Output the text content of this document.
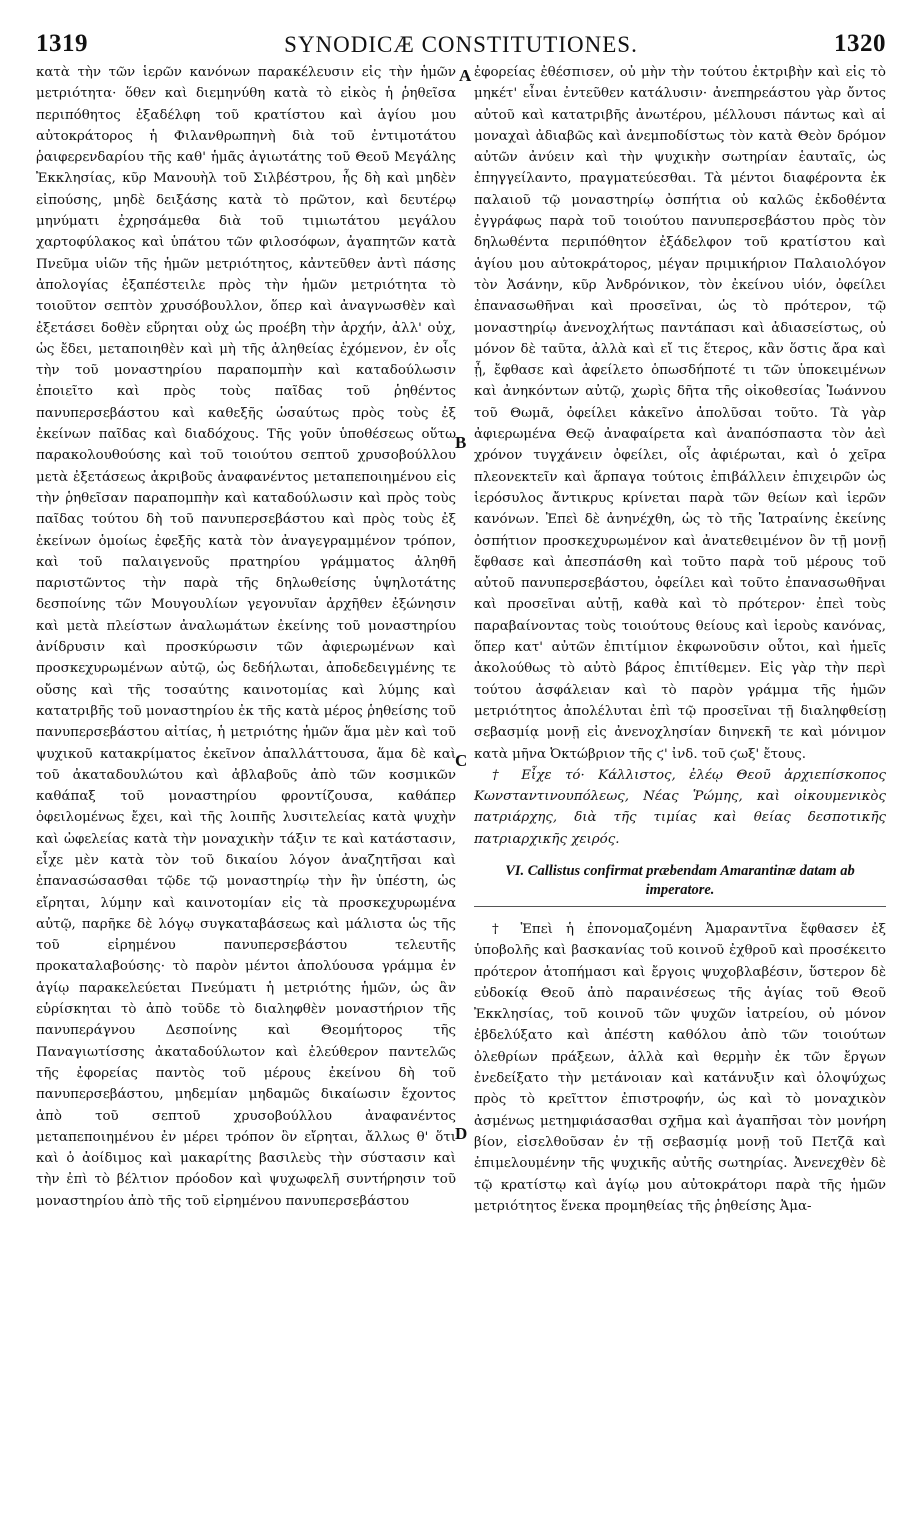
1319	SYNODICÆ CONSTITUTIONES.	1320
A
B
C
D

κατὰ τὴν τῶν ἱερῶν κανόνων παρακέλευσιν εἰς τὴν ἡμῶν μετριότητα· ὅθεν καὶ διεμηνύθη κατὰ τὸ εἰκὸς ἡ ῥηθεῖσα περιπόθητος ἐξαδέλφη τοῦ κρατίστου καὶ ἁγίου μου αὐτοκράτορος ἡ Φιλανθρωπηνὴ διὰ τοῦ ἐντιμοτάτου ῥαιφερενδαρίου τῆς καθ' ἡμᾶς ἁγιωτάτης τοῦ Θεοῦ Μεγάλης Ἐκκλησίας, κῦρ Μανουὴλ τοῦ Σιλβέστρου, ἧς δὴ καὶ μηδὲν εἰπούσης, μηδὲ δειξάσης κατὰ τὸ πρῶτον, καὶ δευτέρῳ μηνύματι ἐχρησάμεθα διὰ τοῦ τιμιωτάτου μεγάλου χαρτοφύλακος καὶ ὑπάτου τῶν φιλοσόφων, ἀγαπητῶν κατὰ Πνεῦμα υἱῶν τῆς ἡμῶν μετριότητος, κἀντεῦθεν ἀντὶ πάσης ἀπολογίας ἐξαπέστειλε πρὸς τὴν ἡμῶν μετριότητα τὸ τοιοῦτον σεπτὸν χρυσόβουλλον, ὅπερ καὶ ἀναγνωσθὲν καὶ ἐξετάσει δοθὲν εὕρηται οὐχ ὡς προέβη τὴν ἀρχήν, ἀλλ' οὐχ, ὡς ἔδει, μεταποιηθὲν καὶ μὴ τῆς ἀληθείας ἐχόμενον, ἐν οἷς τὴν τοῦ μοναστηρίου παραπομπὴν καὶ καταδούλωσιν ἐποιεῖτο καὶ πρὸς τοὺς παῖδας τοῦ ῥηθέντος πανυπερσεβάστου καὶ καθεξῆς ὡσαύτως πρὸς τοὺς ἐξ ἐκείνων παῖδας καὶ διαδόχους. Τῆς γοῦν ὑποθέσεως οὕτω παρακολουθούσης καὶ τοῦ τοιούτου σεπτοῦ χρυσοβούλλου μετὰ ἐξετάσεως ἀκριβοῦς ἀναφανέντος μεταπεποιημένου εἰς τὴν ῥηθεῖσαν παραπομπὴν καὶ καταδούλωσιν καὶ πρὸς τοὺς παῖδας τούτου δὴ τοῦ πανυπερσεβάστου καὶ πρὸς τοὺς ἐξ ἐκείνων ὁμοίως ἐφεξῆς κατὰ τὸν ἀναγεγραμμένον τρόπον, καὶ τοῦ παλαιγενοῦς πρατηρίου γράμματος ἀληθῆ παριστῶντος τὴν παρὰ τῆς δηλωθείσης ὑψηλοτάτης δεσποίνης τῶν Μουγουλίων γεγονυῖαν ἀρχῆθεν ἐξώνησιν καὶ μετὰ πλείστων ἀναλωμάτων ἐκείνης τοῦ μοναστηρίου ἀνίδρυσιν καὶ προσκύρωσιν τῶν ἀφιερωμένων καὶ προσκεχυρωμένων αὐτῷ, ὡς δεδήλωται, ἀποδεδειγμένης τε οὔσης καὶ τῆς τοσαύτης καινοτομίας καὶ λύμης καὶ κατατριβῆς τοῦ μοναστηρίου ἐκ τῆς κατὰ μέρος ῥηθείσης τοῦ πανυπερσεβάστου αἰτίας, ἡ μετριότης ἡμῶν ἅμα μὲν καὶ τοῦ ψυχικοῦ κατακρίματος ἐκεῖνον ἀπαλλάττουσα, ἅμα δὲ καὶ τοῦ ἀκαταδουλώτου καὶ ἀβλαβοῦς ἀπὸ τῶν κοσμικῶν καθάπαξ τοῦ μοναστηρίου φροντίζουσα, καθάπερ ὀφειλομένως ἔχει, καὶ τῆς λοιπῆς λυσιτελείας κατὰ ψυχὴν καὶ ὠφελείας κατὰ τὴν μοναχικὴν τάξιν τε καὶ κατάστασιν, εἶχε μὲν κατὰ τὸν τοῦ δικαίου λόγον ἀναζητῆσαι καὶ ἐπανασώσασθαι τῷδε τῷ μοναστηρίῳ τὴν ἣν ὑπέστη, ὡς εἴρηται, λύμην καὶ καινοτομίαν εἰς τὰ προσκεχυρωμένα αὐτῷ, παρῆκε δὲ λόγῳ συγκαταβάσεως καὶ μάλιστα ὡς τῆς τοῦ εἰρημένου πανυπερσεβάστου τελευτῆς προκαταλαβούσης· τὸ παρὸν μέντοι ἀπολύουσα γράμμα ἐν ἁγίῳ παρακελεύεται Πνεύματι ἡ μετριότης ἡμῶν, ὡς ἂν εὑρίσκηται τὸ ἀπὸ τοῦδε τὸ διαληφθὲν μοναστήριον τῆς πανυπεράγνου Δεσποίνης καὶ Θεομήτορος τῆς Παναγιωτίσσης ἀκαταδούλωτον καὶ ἐλεύθερον παντελῶς τῆς ἐφορείας παντὸς τοῦ μέρους ἐκείνου δὴ τοῦ πανυπερσεβάστου, μηδεμίαν μηδαμῶς δικαίωσιν ἔχοντος ἀπὸ τοῦ σεπτοῦ χρυσοβούλλου ἀναφανέντος μεταπεποιημένου ἐν μέρει τρόπον ὃν εἴρηται, ἄλλως θ' ὅτι καὶ ὁ ἀοίδιμος καὶ μακαρίτης βασιλεὺς τὴν σύστασιν καὶ τὴν ἐπὶ τὸ βέλτιον πρόοδον καὶ ψυχωφελῆ συντήρησιν τοῦ μοναστηρίου ἀπὸ τῆς τοῦ εἰρημένου πανυπερσεβάστου

ἐφορείας ἐθέσπισεν, οὐ μὴν τὴν τούτου ἐκτριβὴν καὶ εἰς τὸ μηκέτ' εἶναι ἐντεῦθεν κατάλυσιν· ἀνεπηρεάστου γὰρ ὄντος αὐτοῦ καὶ κατατριβῆς ἀνωτέρου, μέλλουσι πάντως καὶ αἱ μοναχαὶ ἀδιαβῶς καὶ ἀνεμποδίστως τὸν κατὰ Θεὸν δρόμον αὐτῶν ἀνύειν καὶ τὴν ψυχικὴν σωτηρίαν ἑαυταῖς, ὡς ἐπηγγείλαντο, πραγματεύεσθαι. Τὰ μέντοι διαφέροντα ἐκ παλαιοῦ τῷ μοναστηρίῳ ὀσπήτια οὐ καλῶς ἐκδοθέντα ἐγγράφως παρὰ τοῦ τοιούτου πανυπερσεβάστου πρὸς τὸν δηλωθέντα περιπόθητον ἐξάδελφον τοῦ κρατίστου καὶ ἁγίου μου αὐτοκράτορος, μέγαν πριμικήριον Παλαιολόγον τὸν Ἀσάνην, κῦρ Ἀνδρόνικον, τὸν ἐκείνου υἱόν, ὀφείλει ἐπανασωθῆναι καὶ προσεῖναι, ὡς τὸ πρότερον, τῷ μοναστηρίῳ ἀνενοχλήτως παντάπασι καὶ ἀδιασείστως, οὐ μόνον δὲ ταῦτα, ἀλλὰ καὶ εἴ τις ἕτερος, κἂν ὅστις ἄρα καὶ ᾖ, ἔφθασε καὶ ἀφείλετο ὁπωσδήποτέ τι τῶν ὑποκειμένων καὶ ἀνηκόντων αὐτῷ, χωρὶς δῆτα τῆς οἰκοθεσίας Ἰωάννου τοῦ Θωμᾶ, ὀφείλει κἀκεῖνο ἀπολῦσαι τοῦτο. Τὰ γὰρ ἀφιερωμένα Θεῷ ἀναφαίρετα καὶ ἀναπόσπαστα τὸν ἀεὶ χρόνον τυγχάνειν ὀφείλει, οἷς ἀφιέρωται, καὶ ὁ χεῖρα πλεονεκτεῖν καὶ ἅρπαγα τούτοις ἐπιβάλλειν ἐπιχειρῶν ὡς ἱερόσυλος ἄντικρυς κρίνεται παρὰ τῶν θείων καὶ ἱερῶν κανόνων. Ἐπεὶ δὲ ἀνηνέχθη, ὡς τὸ τῆς Ἰατραίνης ἐκείνης ὀσπήτιον προσκεχυρωμένον καὶ ἀνατεθειμένον ὃν τῇ μονῇ ἔφθασε καὶ ἀπεσπάσθη καὶ τοῦτο παρὰ τοῦ μέρους τοῦ αὐτοῦ πανυπερσεβάστου, ὀφείλει καὶ τοῦτο ἐπανασωθῆναι καὶ προσεῖναι αὐτῇ, καθὰ καὶ τὸ πρότερον· ἐπεὶ τοὺς παραβαίνοντας τοὺς τοιούτους θείους καὶ ἱεροὺς κανόνας, ὅπερ κατ' αὐτῶν ἐπιτίμιον ἐκφωνοῦσιν οὗτοι, καὶ ἡμεῖς ἀκολούθως τὸ αὐτὸ βάρος ἐπιτίθεμεν. Εἰς γὰρ τὴν περὶ τούτου ἀσφάλειαν καὶ τὸ παρὸν γράμμα τῆς ἡμῶν μετριότητος ἀπολέλυται ἐπὶ τῷ προσεῖναι τῇ διαληφθείσῃ σεβασμίᾳ μονῇ εἰς ἀνενοχλησίαν διηνεκῆ τε καὶ μόνιμον κατὰ μῆνα Ὀκτώβριον τῆς ϛ' ἰνδ. τοῦ ϛωξ' ἔτους.

† Εἶχε τό· Κάλλιστος, ἐλέῳ Θεοῦ ἀρχιεπίσκοπος Κωνσταντινουπόλεως, Νέας Ῥώμης, καὶ οἰκουμενικὸς πατριάρχης, διὰ τῆς τιμίας καὶ θείας δεσποτικῆς πατριαρχικῆς χειρός.

VI. Callistus confirmat præbendam Amarantinæ datam ab imperatore.

† Ἐπεὶ ἡ ἐπονομαζομένη Ἀμαραντῖνα ἔφθασεν ἐξ ὑποβολῆς καὶ βασκανίας τοῦ κοινοῦ ἐχθροῦ καὶ προσέκειτο πρότερον ἀτοπήμασι καὶ ἔργοις ψυχοβλαβέσιν, ὕστερον δὲ εὐδοκίᾳ Θεοῦ ἀπὸ παραινέσεως τῆς ἁγίας τοῦ Θεοῦ Ἐκκλησίας, τοῦ κοινοῦ τῶν ψυχῶν ἰατρείου, οὐ μόνον ἐβδελύξατο καὶ ἀπέστη καθόλου ἀπὸ τῶν τοιούτων ὀλεθρίων πράξεων, ἀλλὰ καὶ θερμὴν ἐκ τῶν ἔργων ἐνεδείξατο τὴν μετάνοιαν καὶ κατάνυξιν καὶ ὁλοψύχως πρὸς τὸ κρεῖττον ἐπιστροφήν, ὡς καὶ τὸ μοναχικὸν ἀσμένως μετημφιάσασθαι σχῆμα καὶ ἀγαπῆσαι τὸν μονήρη βίον, εἰσελθοῦσαν ἐν τῇ σεβασμίᾳ μονῇ τοῦ Πετζᾶ καὶ ἐπιμελουμένην τῆς ψυχικῆς αὐτῆς σωτηρίας. Ἀνενεχθὲν δὲ τῷ κρατίστῳ καὶ ἁγίῳ μου αὐτοκράτορι παρὰ τῆς ἡμῶν μετριότητος ἕνεκα προμηθείας τῆς ῥηθείσης Ἀμα-
